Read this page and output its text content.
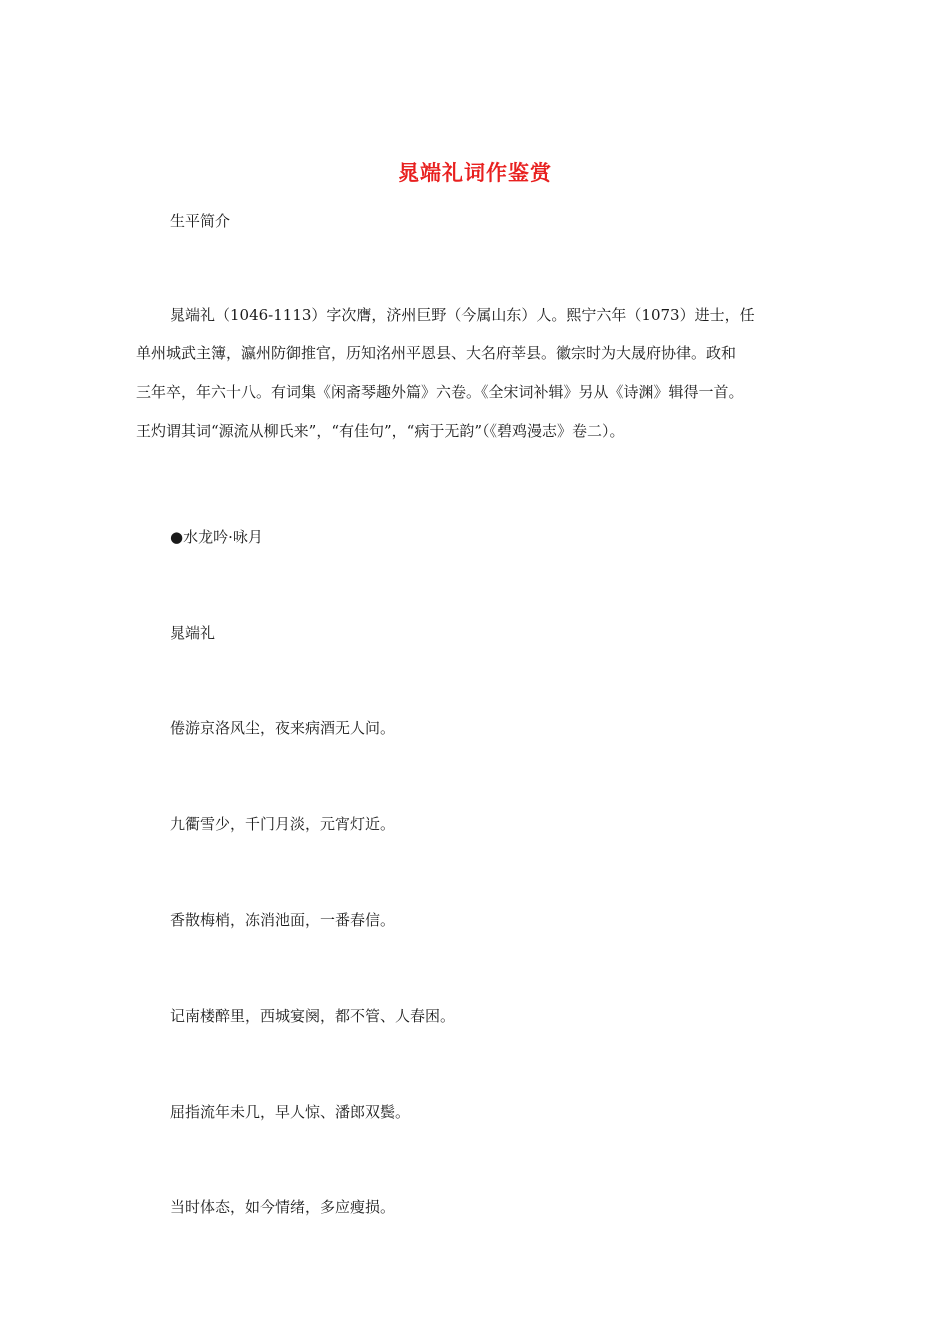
晁端礼词作鉴赏
生平简介
晁端礼（1046-1113）字次膺，济州巨野（今属山东）人。熙宁六年（1073）进士，任
单州城武主簿，瀛州防御推官，历知洺州平恩县、大名府莘县。徽宗时为大晟府协律。政和
三年卒，年六十八。有词集《闲斋琴趣外篇》六卷。《全宋词补辑》另从《诗渊》辑得一首。
王灼谓其词“源流从柳氏来”，“有佳句”，“病于无韵”（《碧鸡漫志》卷二）。
●水龙吟·咏月
晁端礼
倦游京洛风尘，夜来病酒无人问。
九衢雪少，千门月淡，元宵灯近。
香散梅梢，冻消池面，一番春信。
记南楼醉里，西城宴阕，都不管、人春困。
屈指流年未几，早人惊、潘郎双鬓。
当时体态，如今情绪，多应瘦损。
